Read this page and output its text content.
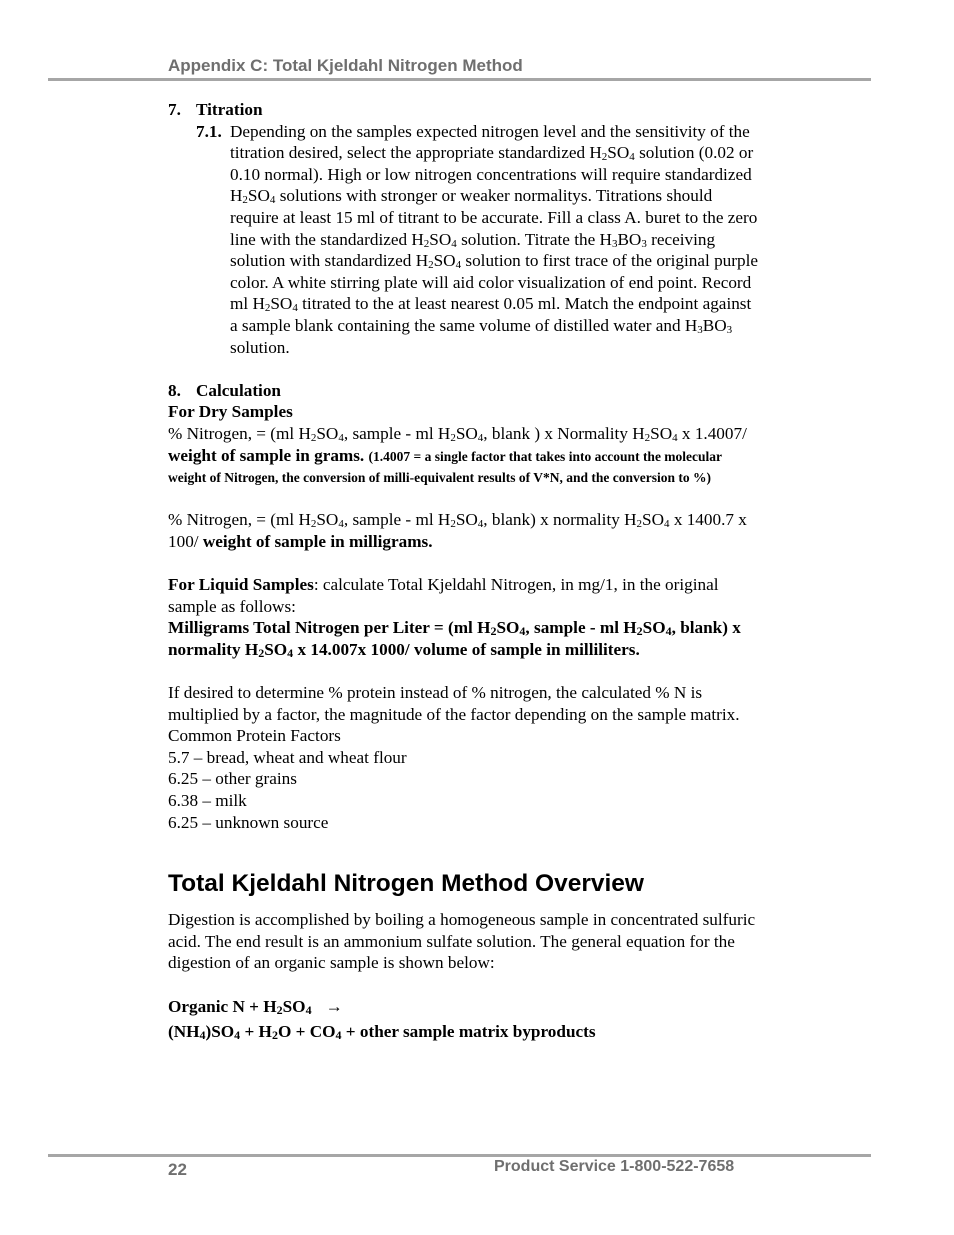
Appendix C: Total Kjeldahl Nitrogen Method

7. Titration

7.1. Depending on the samples expected nitrogen level and the sensitivity of the titration desired, select the appropriate standardized $H_2SO_4$ solution (0.02 or 0.10 normal). High or low nitrogen concentrations will require standardized $H_2SO_4$ solutions with stronger or weaker normalitys. Titrations should require at least 15 ml of titrant to be accurate. Fill a class A. buret to the zero line with the standardized $H_2SO_4$ solution. Titrate the $H_3BO_3$ receiving solution with standardized $H_2SO_4$ solution to first trace of the original purple color. A white stirring plate will aid color visualization of end point. Record ml $H_2SO_4$ titrated to the at least nearest 0.05 ml. Match the endpoint against a sample blank containing the same volume of distilled water and $H_3BO_3$ solution.

8. Calculation

For Dry Samples

% Nitrogen, = (ml $H_2SO_4$, sample - ml $H_2SO_4$, blank ) x Normality $H_2SO_4$ x 1.4007/ weight of sample in grams. (1.4007 = a single factor that takes into account the molecular weight of Nitrogen, the conversion of milli-equivalent results of V*N, and the conversion to %)

% Nitrogen, = (ml $H_2SO_4$, sample - ml $H_2SO_4$, blank) x normality $H_2SO_4$ x 1400.7 x 100/ weight of sample in milligrams.

For Liquid Samples: calculate Total Kjeldahl Nitrogen, in mg/1, in the original sample as follows:

Milligrams Total Nitrogen per Liter = (ml $H_2SO_4$, sample - ml $H_2SO_4$, blank) x normality $H_2SO_4$ x 14.007x 1000/ volume of sample in milliliters.

If desired to determine % protein instead of % nitrogen, the calculated % N is multiplied by a factor, the magnitude of the factor depending on the sample matrix.

Common Protein Factors

5.7 – bread, wheat and wheat flour

6.25 – other grains

6.38 – milk

6.25 – unknown source

Total Kjeldahl Nitrogen Method Overview

Digestion is accomplished by boiling a homogeneous sample in concentrated sulfuric acid. The end result is an ammonium sulfate solution. The general equation for the digestion of an organic sample is shown below:

Organic $N + H_2SO_4$ →

$(NH_4)SO_4 + H_2O + CO_4$ + other sample matrix byproducts

22	Product Service 1-800-522-7658
